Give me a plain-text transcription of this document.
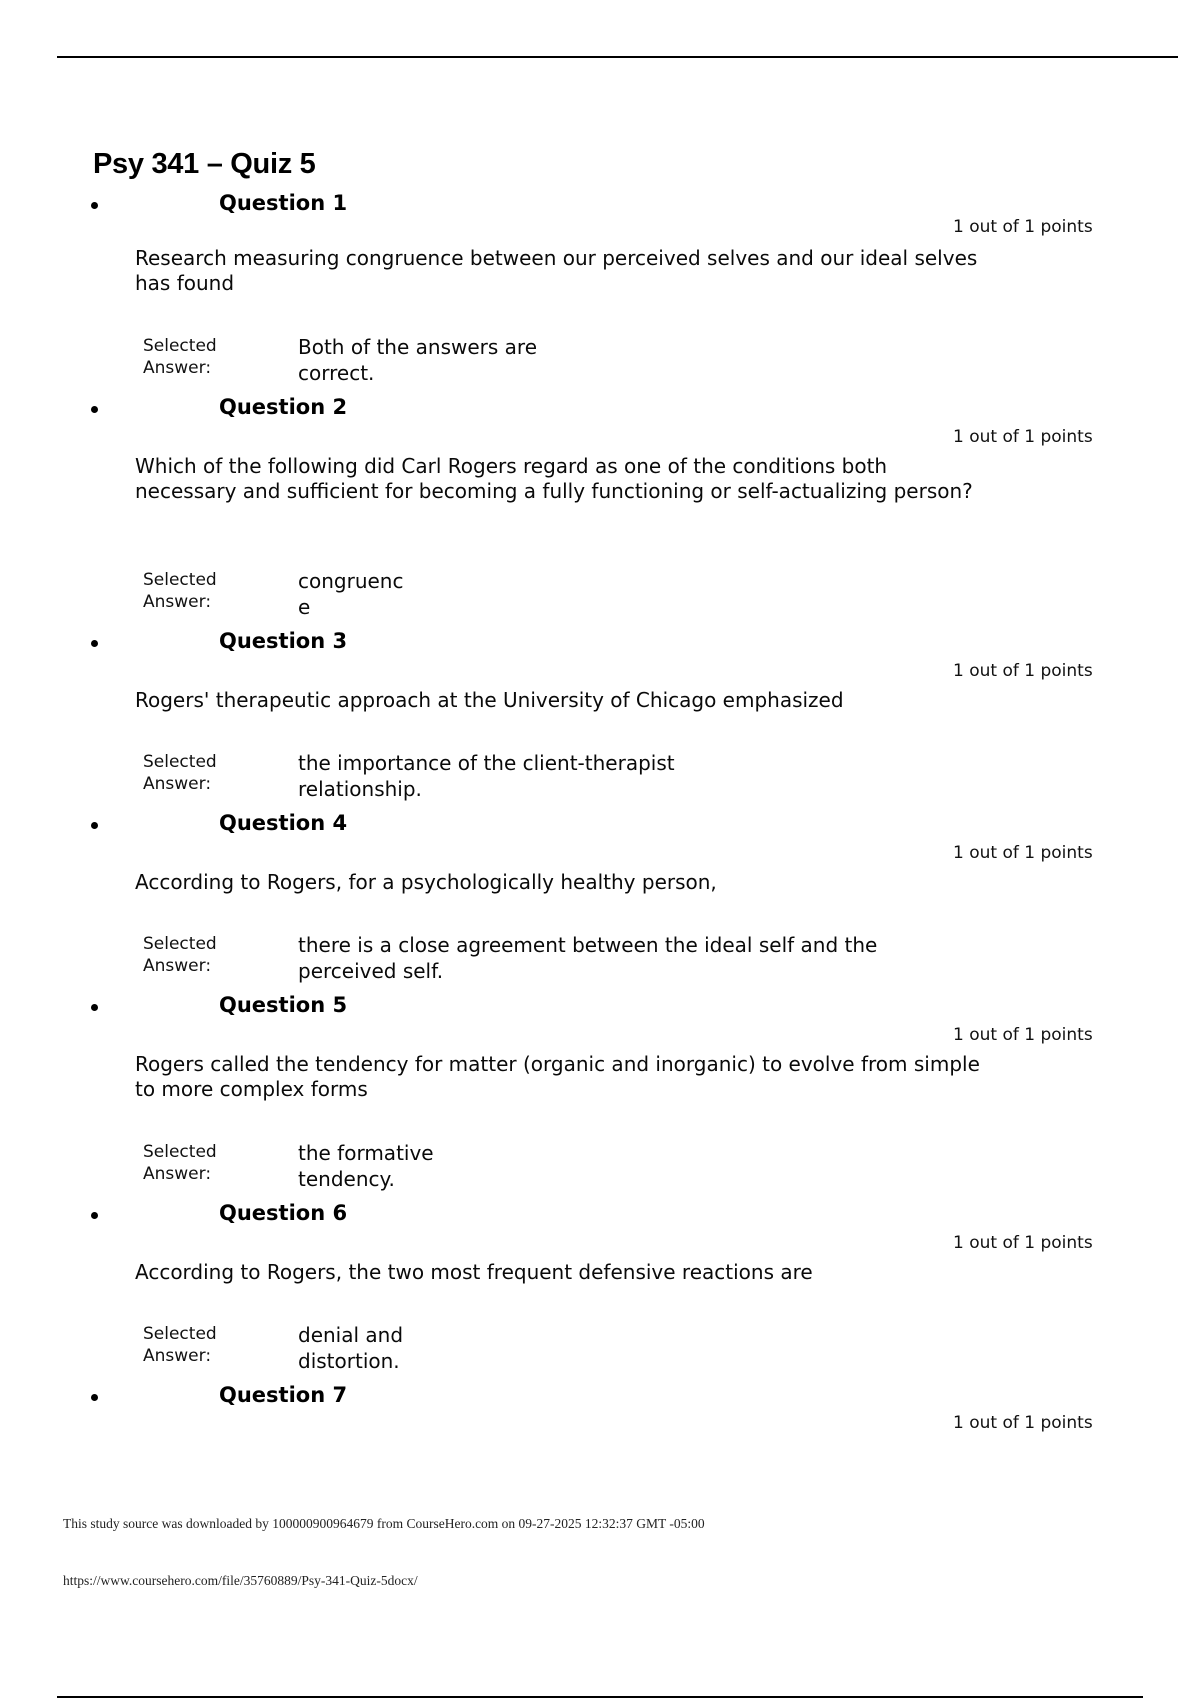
Psy 341 – Quiz 5
Question 1
1 out of 1 points
Research measuring congruence between our perceived selves and our ideal selves has found
Selected Answer:
Both of the answers are correct.
Question 2
1 out of 1 points
Which of the following did Carl Rogers regard as one of the conditions both necessary and sufficient for becoming a fully functioning or self-actualizing person?
Selected Answer:
congruence
Question 3
1 out of 1 points
Rogers' therapeutic approach at the University of Chicago emphasized
Selected Answer:
the importance of the client-therapist relationship.
Question 4
1 out of 1 points
According to Rogers, for a psychologically healthy person,
Selected Answer:
there is a close agreement between the ideal self and the perceived self.
Question 5
1 out of 1 points
Rogers called the tendency for matter (organic and inorganic) to evolve from simple to more complex forms
Selected Answer:
the formative tendency.
Question 6
1 out of 1 points
According to Rogers, the two most frequent defensive reactions are
Selected Answer:
denial and distortion.
Question 7
1 out of 1 points
This study source was downloaded by 100000900964679 from CourseHero.com on 09-27-2025 12:32:37 GMT -05:00
https://www.coursehero.com/file/35760889/Psy-341-Quiz-5docx/
